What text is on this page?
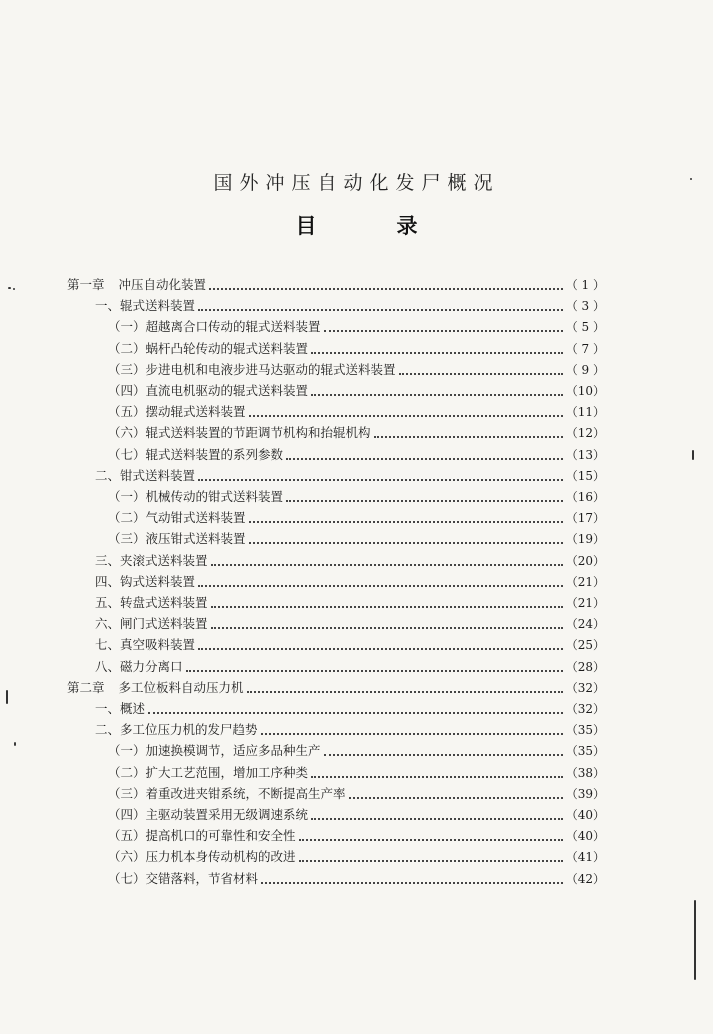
国外冲压自动化发尸概况
目	录
第一章 冲压自动化装置	（ 1 ）
一、辊式送料装置	（ 3 ）
（一）超越离合口传动的辊式送料装置	（ 5 ）
（二）蜗杆凸轮传动的辊式送料装置	（ 7 ）
（三）步进电机和电液步进马达驱动的辊式送料装置	（ 9 ）
（四）直流电机驱动的辊式送料装置	（10）
（五）摆动辊式送料装置	（11）
（六）辊式送料装置的节距调节机构和抬辊机构	（12）
（七）辊式送料装置的系列参数	（13）
二、钳式送料装置	（15）
（一）机械传动的钳式送料装置	（16）
（二）气动钳式送料装置	（17）
（三）液压钳式送料装置	（19）
三、夹滚式送料装置	（20）
四、钩式送料装置	（21）
五、转盘式送料装置	（21）
六、闸门式送料装置	（24）
七、真空吸料装置	（25）
八、磁力分离口	（28）
第二章 多工位板料自动压力机	（32）
一、概述	（32）
二、多工位压力机的发尸趋势	（35）
（一）加速换模调节，适应多品种生产	（35）
（二）扩大工艺范围，增加工序种类	（38）
（三）着重改进夹钳系统，不断提高生产率	（39）
（四）主驱动装置采用无级调速系统	（40）
（五）提高机口的可靠性和安全性	（40）
（六）压力机本身传动机构的改进	（41）
（七）交错落料，节省材料	（42）
